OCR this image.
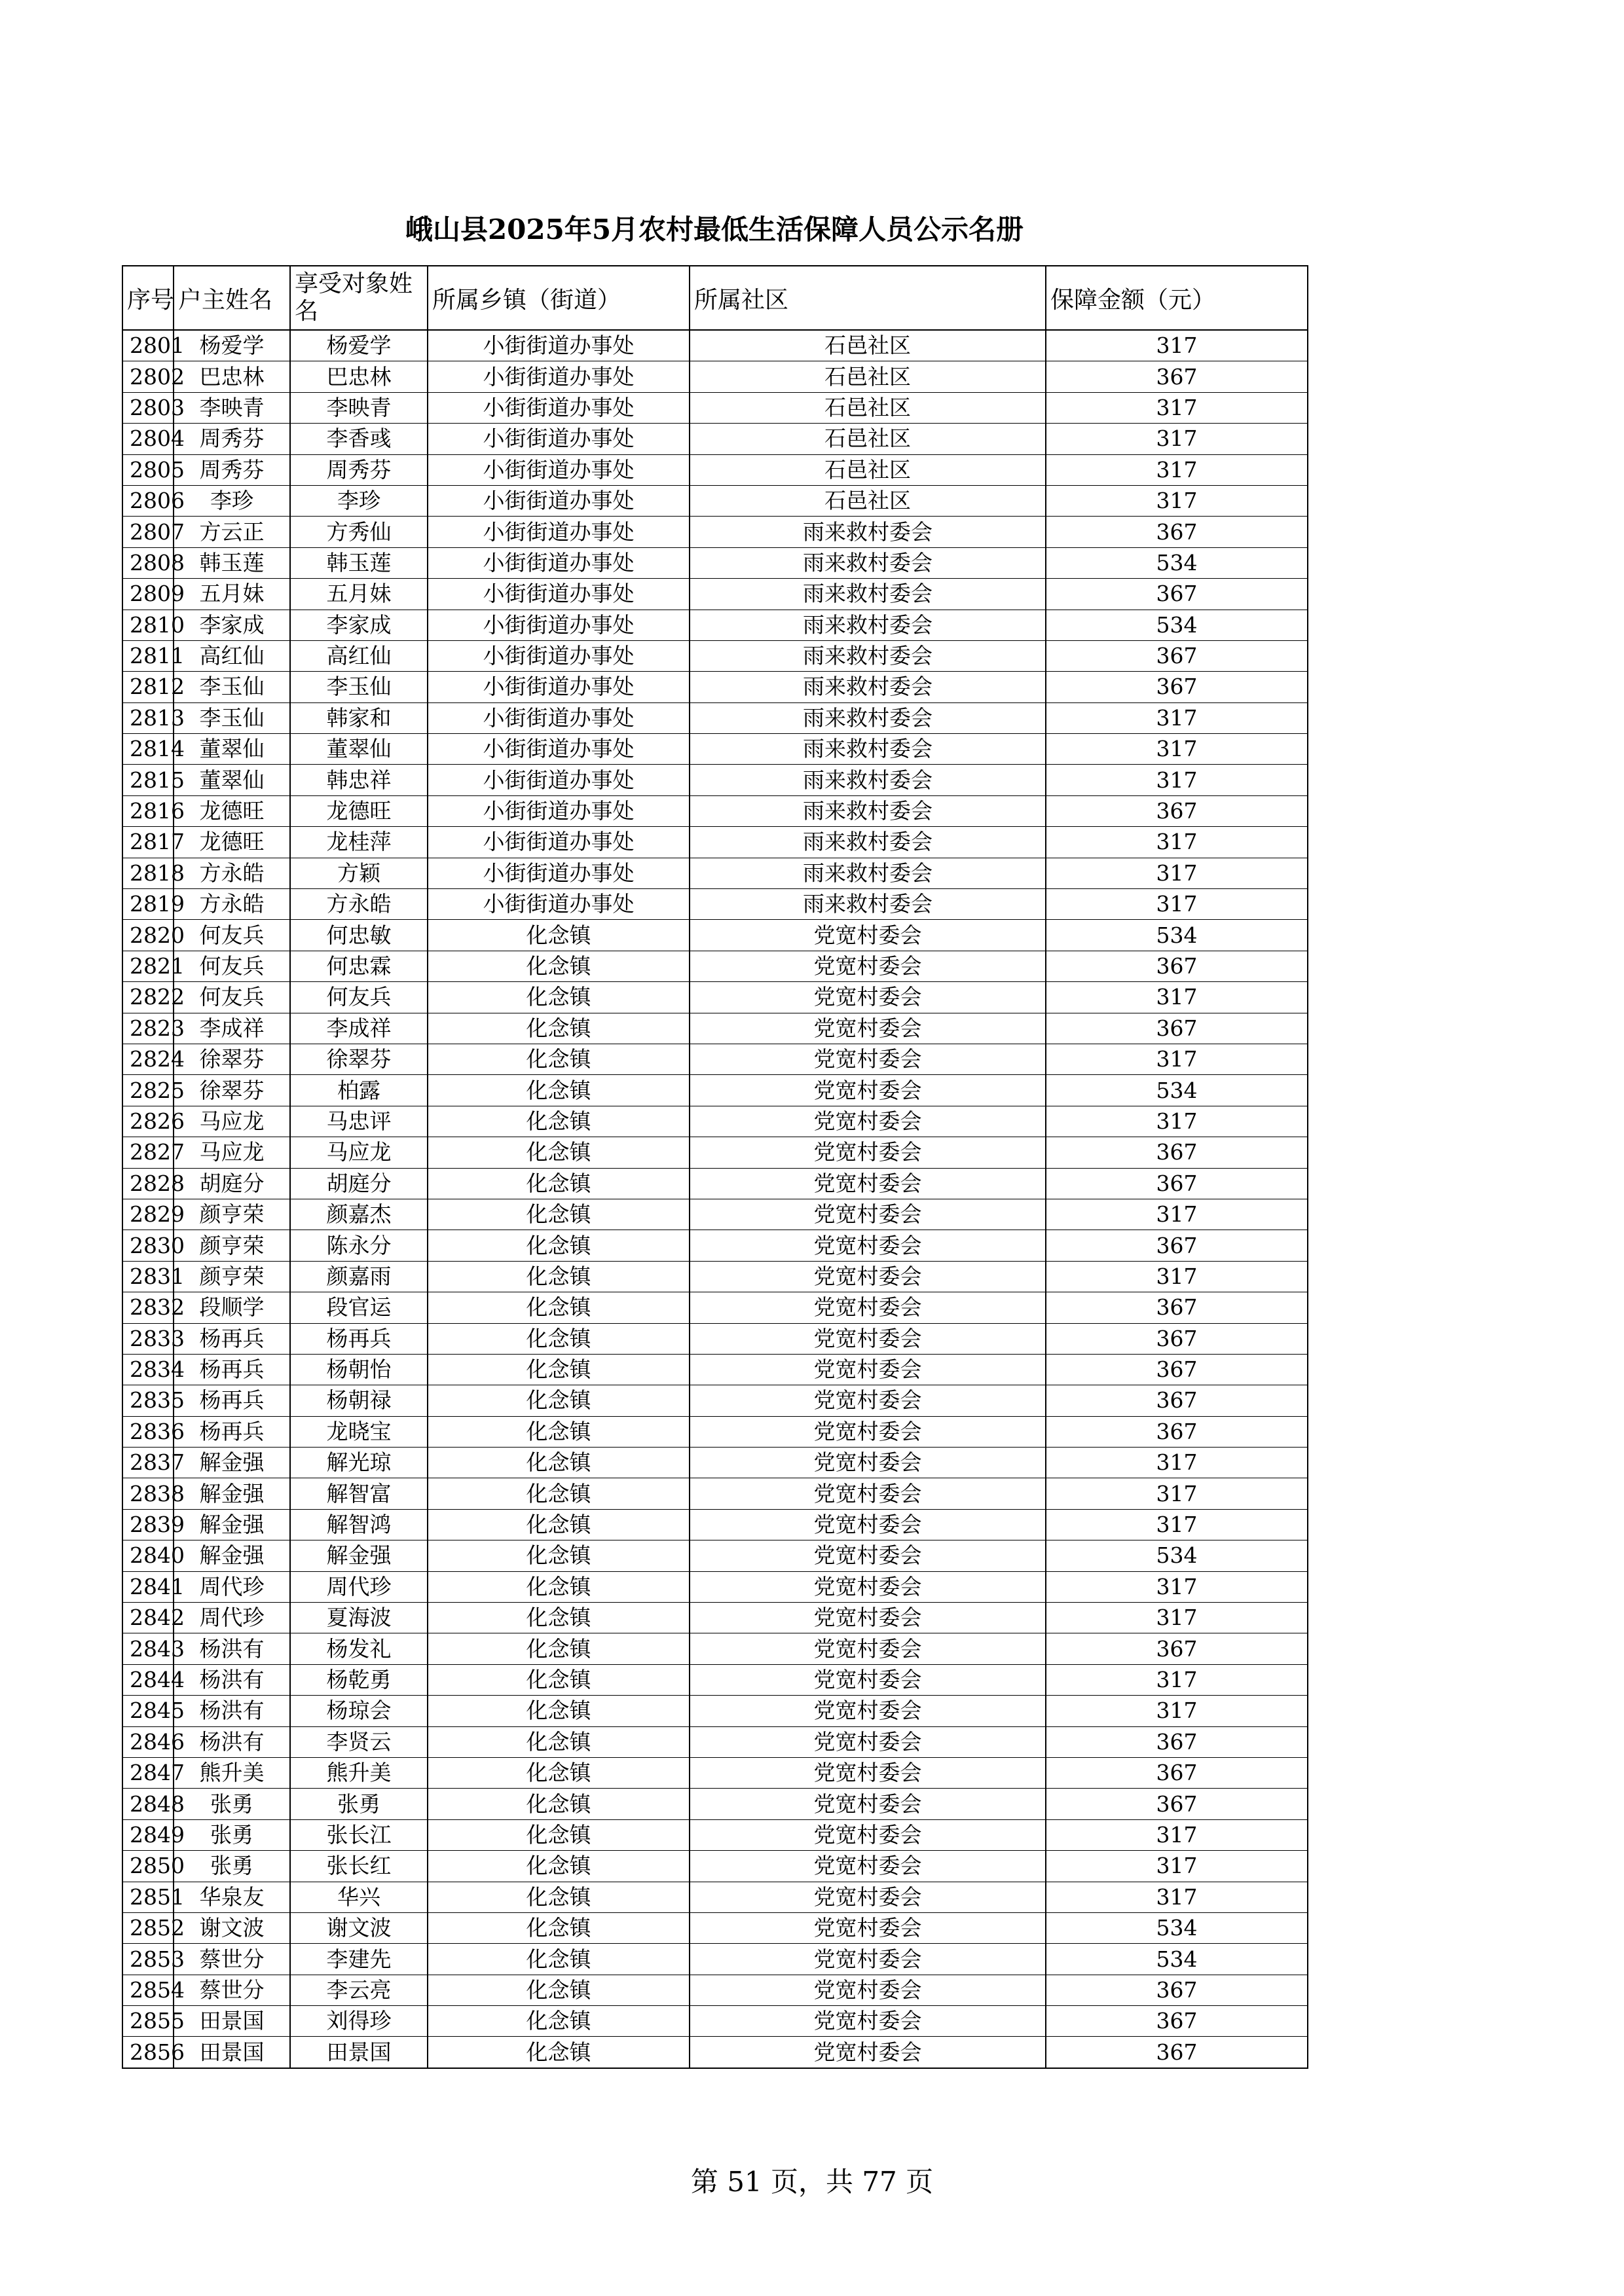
峨山县2025年5月农村最低生活保障人员公示名册
序号	户主姓名	享受对象姓名	所属乡镇（街道）	所属社区	保障金额（元）
2801	杨爱学	杨爱学	小街街道办事处	石邑社区	317
2802	巴忠林	巴忠林	小街街道办事处	石邑社区	367
2803	李映青	李映青	小街街道办事处	石邑社区	317
2804	周秀芬	李香彧	小街街道办事处	石邑社区	317
2805	周秀芬	周秀芬	小街街道办事处	石邑社区	317
2806	李珍	李珍	小街街道办事处	石邑社区	317
2807	方云正	方秀仙	小街街道办事处	雨来救村委会	367
2808	韩玉莲	韩玉莲	小街街道办事处	雨来救村委会	534
2809	五月妹	五月妹	小街街道办事处	雨来救村委会	367
2810	李家成	李家成	小街街道办事处	雨来救村委会	534
2811	高红仙	高红仙	小街街道办事处	雨来救村委会	367
2812	李玉仙	李玉仙	小街街道办事处	雨来救村委会	367
2813	李玉仙	韩家和	小街街道办事处	雨来救村委会	317
2814	董翠仙	董翠仙	小街街道办事处	雨来救村委会	317
2815	董翠仙	韩忠祥	小街街道办事处	雨来救村委会	317
2816	龙德旺	龙德旺	小街街道办事处	雨来救村委会	367
2817	龙德旺	龙桂萍	小街街道办事处	雨来救村委会	317
2818	方永皓	方颖	小街街道办事处	雨来救村委会	317
2819	方永皓	方永皓	小街街道办事处	雨来救村委会	317
2820	何友兵	何忠敏	化念镇	党宽村委会	534
2821	何友兵	何忠霖	化念镇	党宽村委会	367
2822	何友兵	何友兵	化念镇	党宽村委会	317
2823	李成祥	李成祥	化念镇	党宽村委会	367
2824	徐翠芬	徐翠芬	化念镇	党宽村委会	317
2825	徐翠芬	柏露	化念镇	党宽村委会	534
2826	马应龙	马忠评	化念镇	党宽村委会	317
2827	马应龙	马应龙	化念镇	党宽村委会	367
2828	胡庭分	胡庭分	化念镇	党宽村委会	367
2829	颜亨荣	颜嘉杰	化念镇	党宽村委会	317
2830	颜亨荣	陈永分	化念镇	党宽村委会	367
2831	颜亨荣	颜嘉雨	化念镇	党宽村委会	317
2832	段顺学	段官运	化念镇	党宽村委会	367
2833	杨再兵	杨再兵	化念镇	党宽村委会	367
2834	杨再兵	杨朝怡	化念镇	党宽村委会	367
2835	杨再兵	杨朝禄	化念镇	党宽村委会	367
2836	杨再兵	龙晓宝	化念镇	党宽村委会	367
2837	解金强	解光琼	化念镇	党宽村委会	317
2838	解金强	解智富	化念镇	党宽村委会	317
2839	解金强	解智鸿	化念镇	党宽村委会	317
2840	解金强	解金强	化念镇	党宽村委会	534
2841	周代珍	周代珍	化念镇	党宽村委会	317
2842	周代珍	夏海波	化念镇	党宽村委会	317
2843	杨洪有	杨发礼	化念镇	党宽村委会	367
2844	杨洪有	杨乾勇	化念镇	党宽村委会	317
2845	杨洪有	杨琼会	化念镇	党宽村委会	317
2846	杨洪有	李贤云	化念镇	党宽村委会	367
2847	熊升美	熊升美	化念镇	党宽村委会	367
2848	张勇	张勇	化念镇	党宽村委会	367
2849	张勇	张长江	化念镇	党宽村委会	317
2850	张勇	张长红	化念镇	党宽村委会	317
2851	华泉友	华兴	化念镇	党宽村委会	317
2852	谢文波	谢文波	化念镇	党宽村委会	534
2853	蔡世分	李建先	化念镇	党宽村委会	534
2854	蔡世分	李云亮	化念镇	党宽村委会	367
2855	田景国	刘得珍	化念镇	党宽村委会	367
2856	田景国	田景国	化念镇	党宽村委会	367
第 51 页，共 77 页
